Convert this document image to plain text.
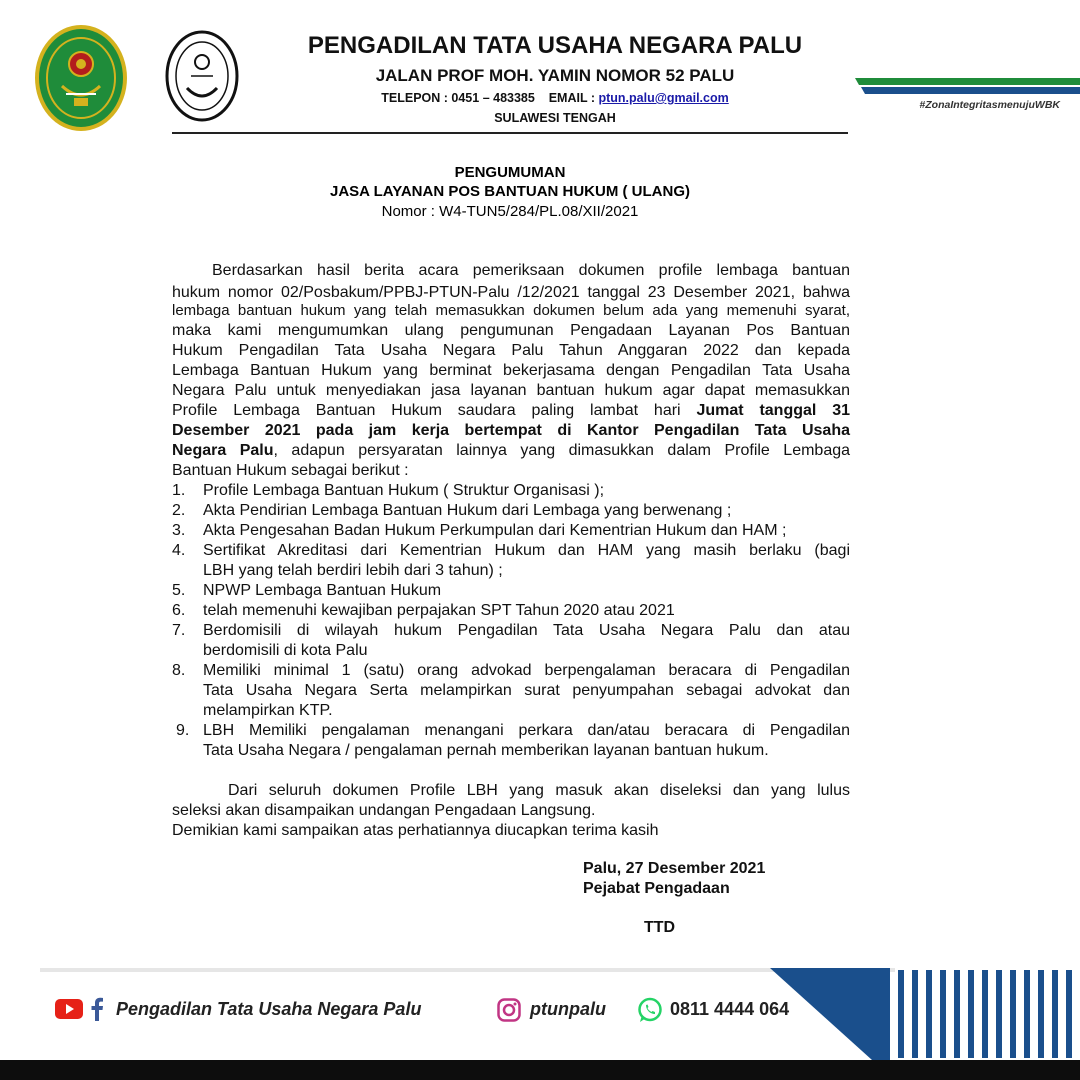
PENGADILAN TATA USAHA NEGARA PALU

JALAN PROF MOH. YAMIN NOMOR 52 PALU

TELEPON : 0451 – 483385    EMAIL : ptun.palu@gmail.com

SULAWESI TENGAH

#ZonaIntegritasmenujuWBK

PENGUMUMAN

JASA LAYANAN POS BANTUAN HUKUM ( ULANG)

Nomor : W4-TUN5/284/PL.08/XII/2021

Berdasarkan hasil berita acara pemeriksaan dokumen profile lembaga bantuan

hukum nomor 02/Posbakum/PPBJ-PTUN-Palu /12/2021 tanggal 23 Desember 2021, bahwa

lembaga bantuan hukum yang telah memasukkan dokumen belum ada yang memenuhi syarat,

maka kami mengumumkan ulang pengumunan Pengadaan Layanan Pos Bantuan

Hukum Pengadilan Tata Usaha Negara Palu Tahun Anggaran 2022 dan kepada

Lembaga Bantuan Hukum yang berminat bekerjasama dengan Pengadilan Tata Usaha

Negara Palu untuk menyediakan jasa layanan bantuan hukum agar dapat memasukkan

Profile Lembaga Bantuan Hukum saudara paling lambat hari Jumat tanggal 31

Desember 2021 pada jam kerja bertempat di Kantor Pengadilan Tata Usaha

Negara Palu, adapun persyaratan lainnya yang dimasukkan dalam Profile Lembaga

Bantuan Hukum sebagai berikut :

1. Profile Lembaga Bantuan Hukum ( Struktur Organisasi );

2. Akta Pendirian Lembaga Bantuan Hukum dari Lembaga yang berwenang ;

3. Akta Pengesahan Badan Hukum Perkumpulan dari Kementrian Hukum dan HAM ;

4. Sertifikat Akreditasi dari Kementrian Hukum dan HAM yang masih berlaku (bagi

LBH yang telah berdiri lebih dari 3 tahun) ;

5. NPWP Lembaga Bantuan Hukum

6. telah memenuhi kewajiban perpajakan SPT Tahun 2020 atau 2021

7. Berdomisili di wilayah hukum Pengadilan Tata Usaha Negara Palu dan atau

berdomisili di kota Palu

8. Memiliki minimal 1 (satu) orang advokad berpengalaman beracara di Pengadilan

Tata Usaha Negara Serta melampirkan surat penyumpahan sebagai advokat dan

melampirkan KTP.

9. LBH Memiliki pengalaman menangani perkara dan/atau beracara di Pengadilan

Tata Usaha Negara / pengalaman pernah memberikan layanan bantuan hukum.

Dari seluruh dokumen Profile LBH yang masuk akan diseleksi dan yang lulus

seleksi akan disampaikan undangan Pengadaan Langsung.

Demikian kami sampaikan atas perhatiannya diucapkan terima kasih

Palu, 27 Desember 2021

Pejabat Pengadaan

TTD

Pengadilan Tata Usaha Negara Palu	ptunpalu	0811 4444 064
